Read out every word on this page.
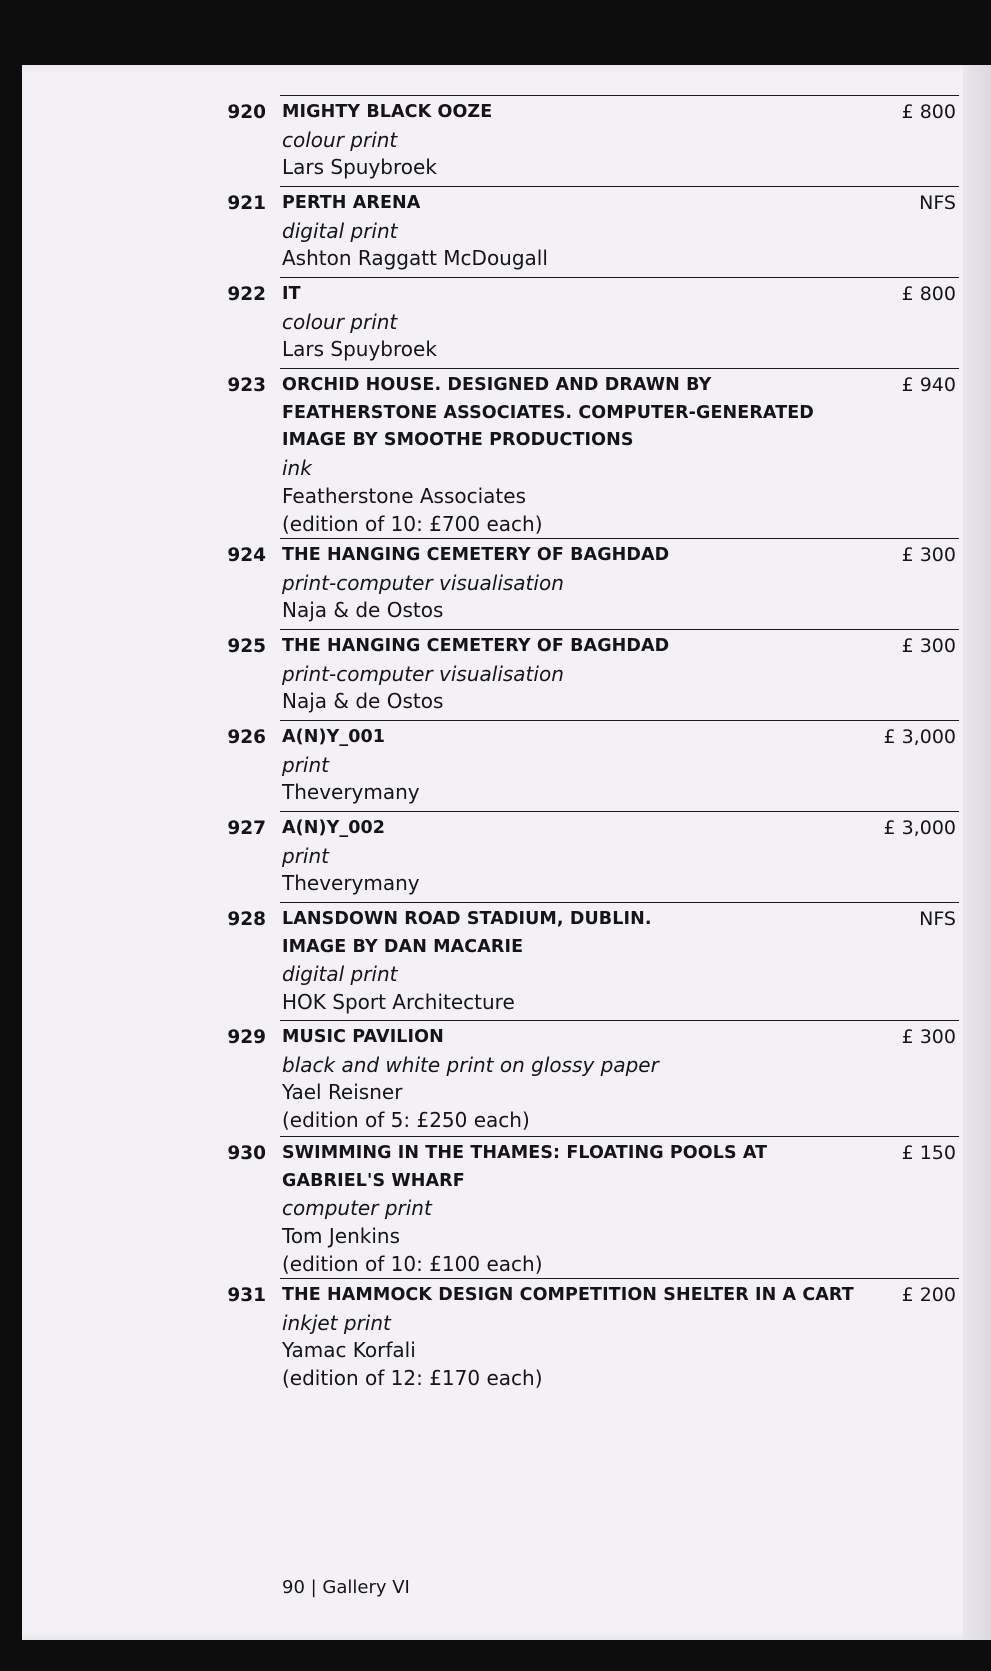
920 MIGHTY BLACK OOZE
colour print
Lars Spuybroek
£ 800
921 PERTH ARENA
digital print
Ashton Raggatt McDougall
NFS
922 IT
colour print
Lars Spuybroek
£ 800
923 ORCHID HOUSE. DESIGNED AND DRAWN BY
FEATHERSTONE ASSOCIATES. COMPUTER-GENERATED
IMAGE BY SMOOTHE PRODUCTIONS
ink
Featherstone Associates
(edition of 10: £700 each)
£ 940
924 THE HANGING CEMETERY OF BAGHDAD
print-computer visualisation
Naja & de Ostos
£ 300
925 THE HANGING CEMETERY OF BAGHDAD
print-computer visualisation
Naja & de Ostos
£ 300
926 A(N)Y_001
print
Theverymany
£ 3,000
927 A(N)Y_002
print
Theverymany
£ 3,000
928 LANSDOWN ROAD STADIUM, DUBLIN.
IMAGE BY DAN MACARIE
digital print
HOK Sport Architecture
NFS
929 MUSIC PAVILION
black and white print on glossy paper
Yael Reisner
(edition of 5: £250 each)
£ 300
930 SWIMMING IN THE THAMES: FLOATING POOLS AT
GABRIEL'S WHARF
computer print
Tom Jenkins
(edition of 10: £100 each)
£ 150
931 THE HAMMOCK DESIGN COMPETITION SHELTER IN A CART
inkjet print
Yamac Korfali
(edition of 12: £170 each)
£ 200
90 | Gallery VI
